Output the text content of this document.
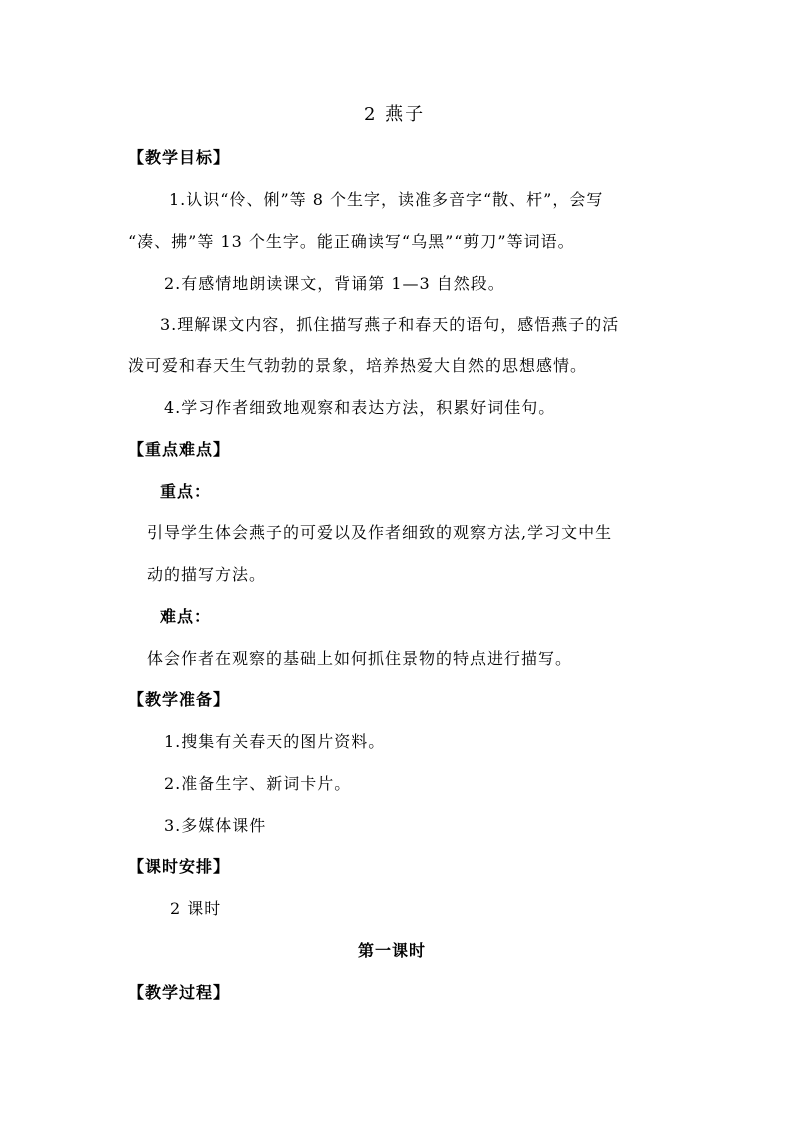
2 燕子
【教学目标】
1.认识“伶、俐”等 8 个生字，读准多音字“散、杆”，会写
“凑、拂”等 13 个生字。能正确读写“乌黑”“剪刀”等词语。
2.有感情地朗读课文，背诵第 1—3 自然段。
3.理解课文内容，抓住描写燕子和春天的语句，感悟燕子的活
泼可爱和春天生气勃勃的景象，培养热爱大自然的思想感情。
4.学习作者细致地观察和表达方法，积累好词佳句。
【重点难点】
重点：
引导学生体会燕子的可爱以及作者细致的观察方法,学习文中生
动的描写方法。
难点：
体会作者在观察的基础上如何抓住景物的特点进行描写。
【教学准备】
1.搜集有关春天的图片资料。
2.准备生字、新词卡片。
3.多媒体课件
【课时安排】
2 课时
第一课时
【教学过程】
